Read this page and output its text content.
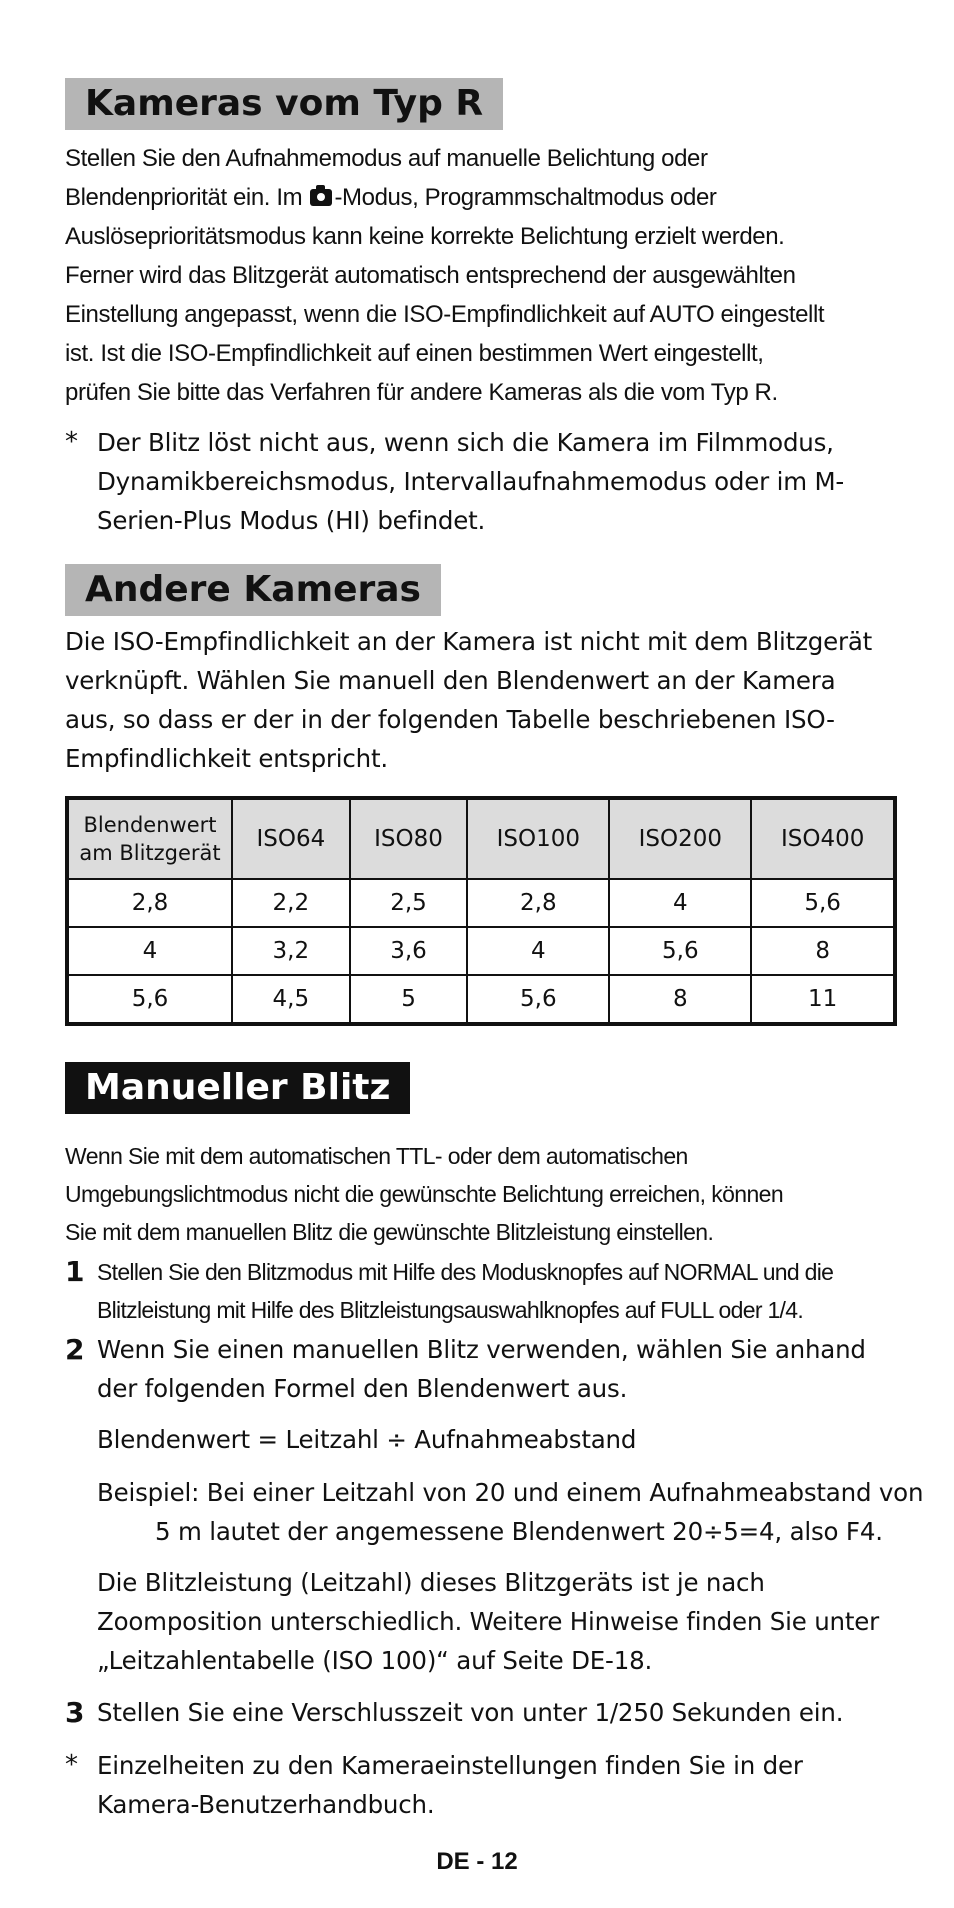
Kameras vom Typ R
Stellen Sie den Aufnahmemodus auf manuelle Belichtung oder
Blendenpriorität ein. Im -Modus, Programmschaltmodus oder
Auslöseprioritätsmodus kann keine korrekte Belichtung erzielt werden.
Ferner wird das Blitzgerät automatisch entsprechend der ausgewählten
Einstellung angepasst, wenn die ISO-Empfindlichkeit auf AUTO eingestellt
ist. Ist die ISO-Empfindlichkeit auf einen bestimmen Wert eingestellt,
prüfen Sie bitte das Verfahren für andere Kameras als die vom Typ R.
* Der Blitz löst nicht aus, wenn sich die Kamera im Filmmodus,
Dynamikbereichsmodus, Intervallaufnahmemodus oder im M-
Serien-Plus Modus (HI) befindet.
Andere Kameras
Die ISO-Empfindlichkeit an der Kamera ist nicht mit dem Blitzgerät
verknüpft. Wählen Sie manuell den Blendenwert an der Kamera
aus, so dass er der in der folgenden Tabelle beschriebenen ISO-
Empfindlichkeit entspricht.
Blendenwert
am Blitzgerät	ISO64	ISO80	ISO100	ISO200	ISO400
2,8	2,2	2,5	2,8	4	5,6
4	3,2	3,6	4	5,6	8
5,6	4,5	5	5,6	8	11
Manueller Blitz
Wenn Sie mit dem automatischen TTL- oder dem automatischen
Umgebungslichtmodus nicht die gewünschte Belichtung erreichen, können
Sie mit dem manuellen Blitz die gewünschte Blitzleistung einstellen.
1 Stellen Sie den Blitzmodus mit Hilfe des Modusknopfes auf NORMAL und die
Blitzleistung mit Hilfe des Blitzleistungsauswahlknopfes auf FULL oder 1/4.
2 Wenn Sie einen manuellen Blitz verwenden, wählen Sie anhand
der folgenden Formel den Blendenwert aus.
Blendenwert = Leitzahl ÷ Aufnahmeabstand
Beispiel: Bei einer Leitzahl von 20 und einem Aufnahmeabstand von
5 m lautet der angemessene Blendenwert 20÷5=4, also F4.
Die Blitzleistung (Leitzahl) dieses Blitzgeräts ist je nach
Zoomposition unterschiedlich. Weitere Hinweise finden Sie unter
„Leitzahlentabelle (ISO 100)“ auf Seite DE-18.
3 Stellen Sie eine Verschlusszeit von unter 1/250 Sekunden ein.
* Einzelheiten zu den Kameraeinstellungen finden Sie in der
Kamera-Benutzerhandbuch.
DE - 12
